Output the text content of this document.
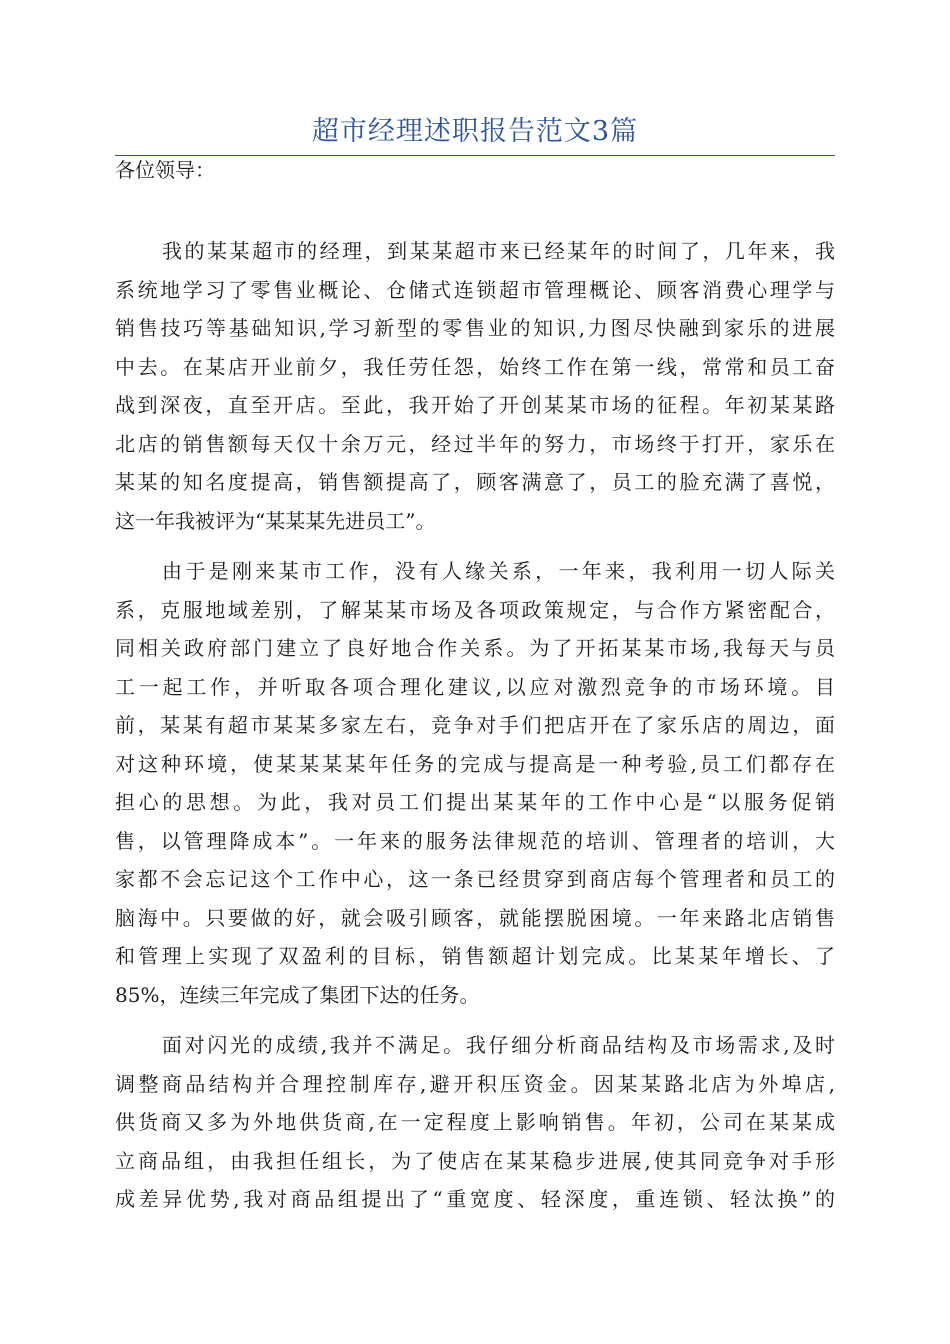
超市经理述职报告范文3篇

各位领导：

我的某某超市的经理，到某某超市来已经某年的时间了，几年来，我
系统地学习了零售业概论、仓储式连锁超市管理概论、顾客消费心理学与
销售技巧等基础知识,学习新型的零售业的知识,力图尽快融到家乐的进展
中去。在某店开业前夕，我任劳任怨，始终工作在第一线，常常和员工奋
战到深夜，直至开店。至此，我开始了开创某某市场的征程。年初某某路
北店的销售额每天仅十余万元，经过半年的努力，市场终于打开，家乐在
某某的知名度提高，销售额提高了，顾客满意了，员工的脸充满了喜悦，
这一年我被评为“某某某先进员工”。

由于是刚来某市工作，没有人缘关系，一年来，我利用一切人际关
系，克服地域差别，了解某某市场及各项政策规定，与合作方紧密配合，
同相关政府部门建立了良好地合作关系。为了开拓某某市场,我每天与员
工一起工作，并听取各项合理化建议,以应对激烈竞争的市场环境。目
前，某某有超市某某多家左右，竞争对手们把店开在了家乐店的周边，面
对这种环境，使某某某某年任务的完成与提高是一种考验,员工们都存在
担心的思想。为此，我对员工们提出某某年的工作中心是“以服务促销
售，以管理降成本”。一年来的服务法律规范的培训、管理者的培训，大
家都不会忘记这个工作中心，这一条已经贯穿到商店每个管理者和员工的
脑海中。只要做的好，就会吸引顾客，就能摆脱困境。一年来路北店销售
和管理上实现了双盈利的目标，销售额超计划完成。比某某年增长、了
85%，连续三年完成了集团下达的任务。

面对闪光的成绩,我并不满足。我仔细分析商品结构及市场需求,及时
调整商品结构并合理控制库存,避开积压资金。因某某路北店为外埠店,
供货商又多为外地供货商,在一定程度上影响销售。年初，公司在某某成
立商品组，由我担任组长，为了使店在某某稳步进展,使其同竞争对手形
成差异优势,我对商品组提出了“重宽度、轻深度，重连锁、轻汰换”的
